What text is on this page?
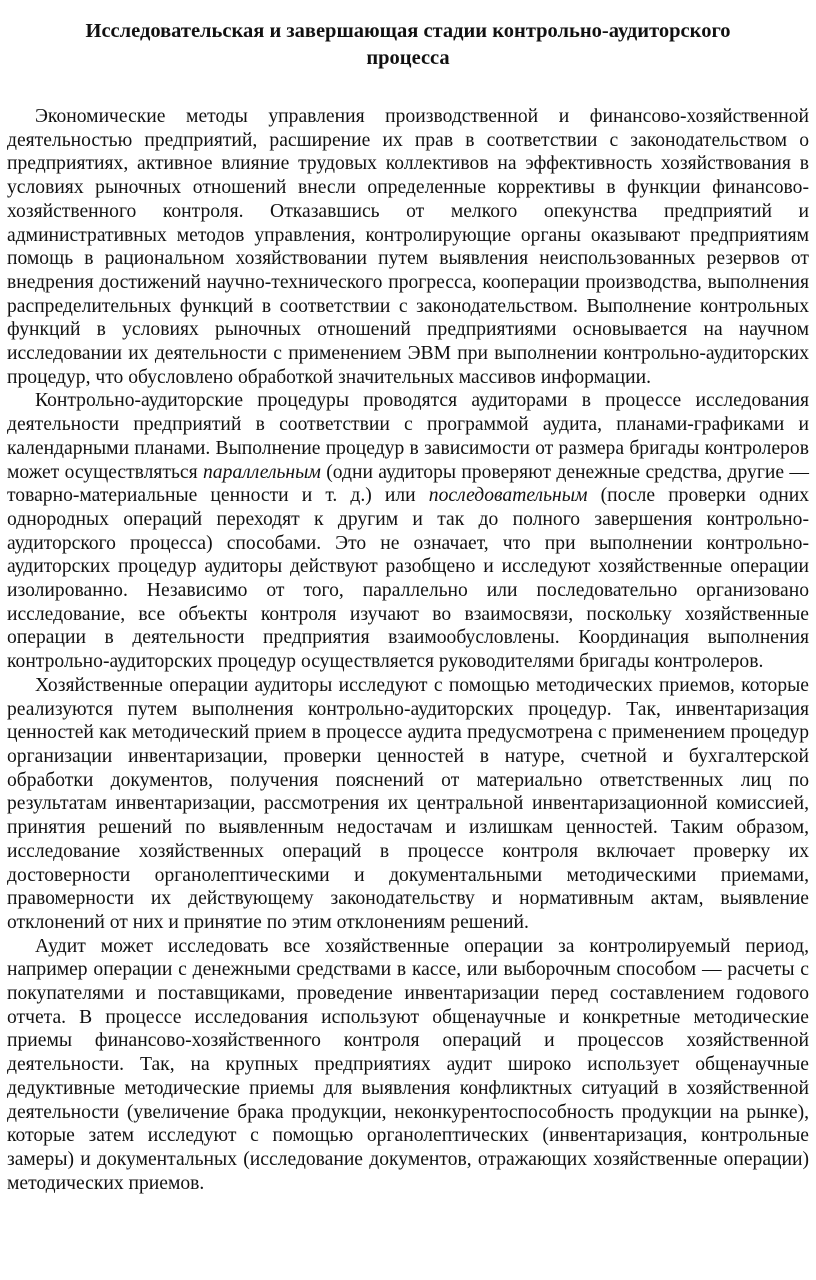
Исследовательская и завершающая стадии контрольно-аудиторского процесса

Экономические методы управления производственной и финансово-хозяйственной деятельностью предприятий, расширение их прав в соответствии с законодательством о предприятиях, активное влияние трудовых коллективов на эффективность хозяйствования в условиях рыночных отношений внесли определенные коррективы в функции финансово-хозяйственного контроля. Отказавшись от мелкого опекунства предприятий и административных методов управления, контролирующие органы оказывают предприятиям помощь в рациональном хозяйствовании путем выявления неиспользованных резервов от внедрения достижений научно-технического прогресса, кооперации производства, выполнения распределительных функций в соответствии с законодательством. Выполнение контрольных функций в условиях рыночных отношений предприятиями основывается на научном исследовании их деятельности с применением ЭВМ при выполнении контрольно-аудиторских процедур, что обусловлено обработкой значительных массивов информации.

Контрольно-аудиторские процедуры проводятся аудиторами в процессе исследования деятельности предприятий в соответствии с программой аудита, планами-графиками и календарными планами. Выполнение процедур в зависимости от размера бригады контролеров может осуществляться параллельным (одни аудиторы проверяют денежные средства, другие — товарно-материальные ценности и т. д.) или последовательным (после проверки одних однородных операций переходят к другим и так до полного завершения контрольно-аудиторского процесса) способами. Это не означает, что при выполнении контрольно-аудиторских процедур аудиторы действуют разобщено и исследуют хозяйственные операции изолированно. Независимо от того, параллельно или последовательно организовано исследование, все объекты контроля изучают во взаимосвязи, поскольку хозяйственные операции в деятельности предприятия взаимообусловлены. Координация выполнения контрольно-аудиторских процедур осуществляется руководителями бригады контролеров.

Хозяйственные операции аудиторы исследуют с помощью методических приемов, которые реализуются путем выполнения контрольно-аудиторских процедур. Так, инвентаризация ценностей как методический прием в процессе аудита предусмотрена с применением процедур организации инвентаризации, проверки ценностей в натуре, счетной и бухгалтерской обработки документов, получения пояснений от материально ответственных лиц по результатам инвентаризации, рассмотрения их центральной инвентаризационной комиссией, принятия решений по выявленным недостачам и излишкам ценностей. Таким образом, исследование хозяйственных операций в процессе контроля включает проверку их достоверности органолептическими и документальными методическими приемами, правомерности их действующему законодательству и нормативным актам, выявление отклонений от них и принятие по этим отклонениям решений.

Аудит может исследовать все хозяйственные операции за контролируемый период, например операции с денежными средствами в кассе, или выборочным способом — расчеты с покупателями и поставщиками, проведение инвентаризации перед составлением годового отчета. В процессе исследования используют общенаучные и конкретные методические приемы финансово-хозяйственного контроля операций и процессов хозяйственной деятельности. Так, на крупных предприятиях аудит широко использует общенаучные дедуктивные методические приемы для выявления конфликтных ситуаций в хозяйственной деятельности (увеличение брака продукции, неконкурентоспособность продукции на рынке), которые затем исследуют с помощью органолептических (инвентаризация, контрольные замеры) и документальных (исследование документов, отражающих хозяйственные операции) методических приемов.
